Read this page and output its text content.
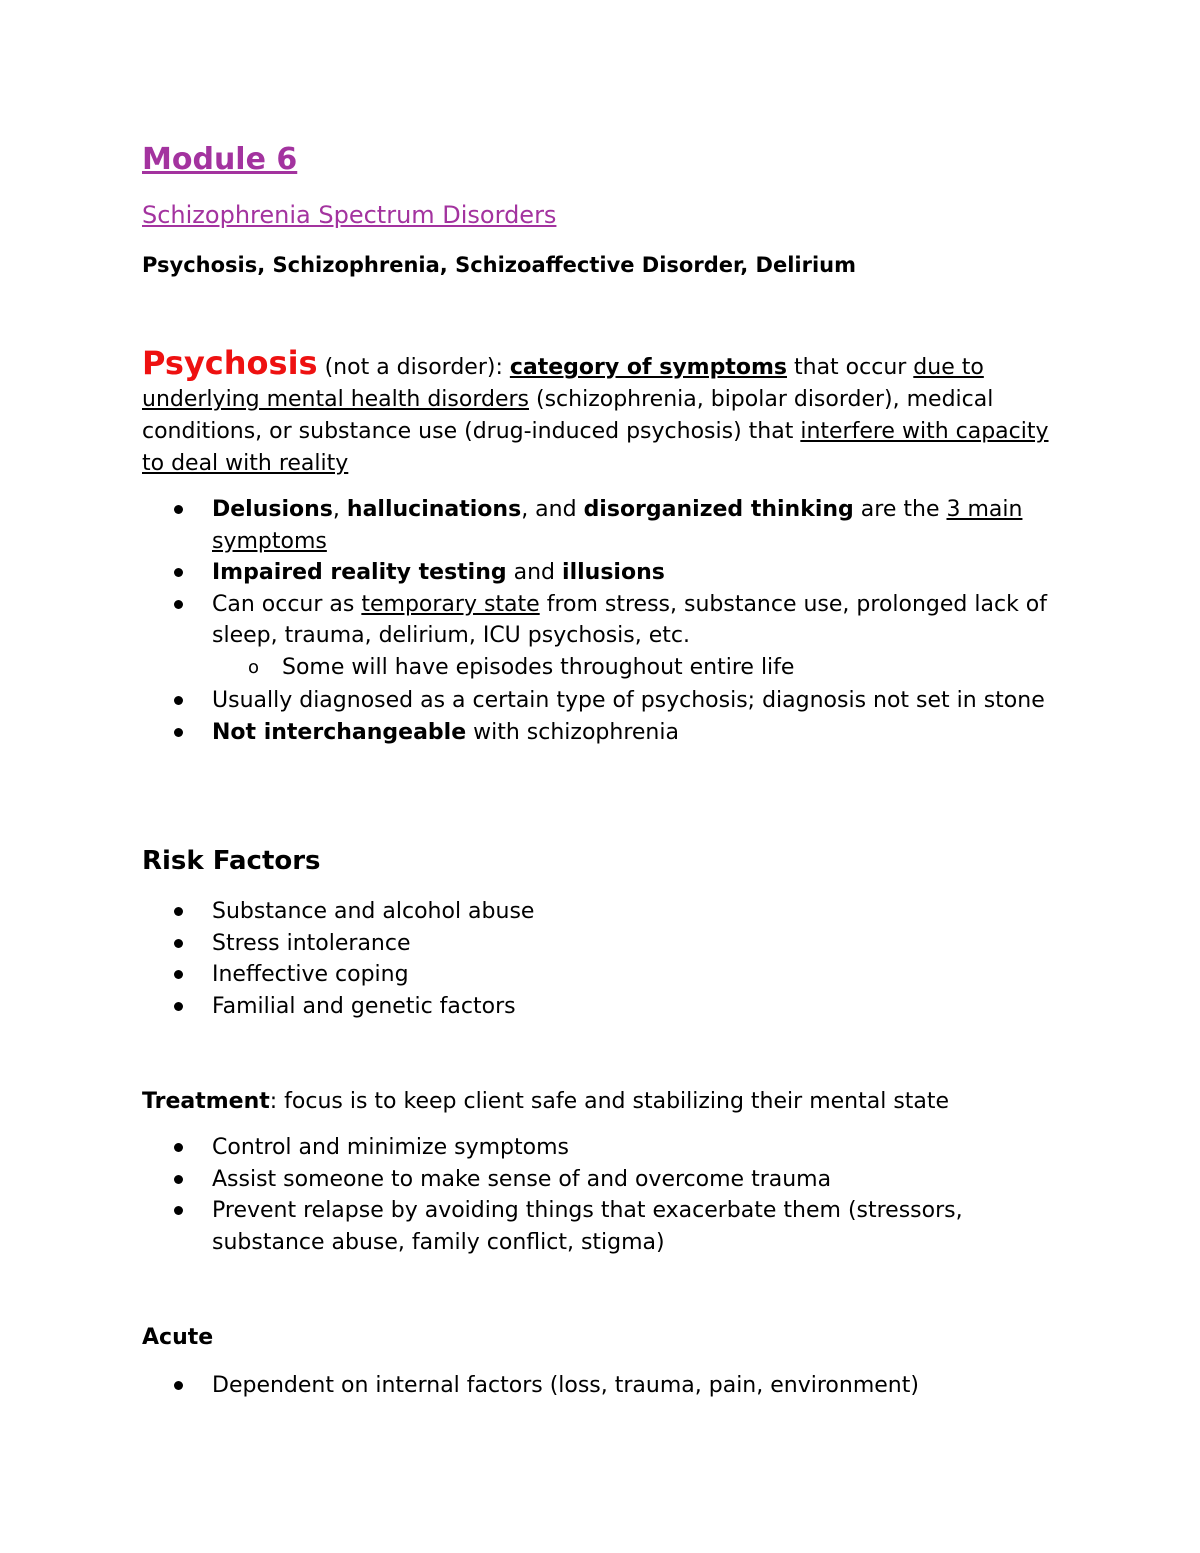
Module 6
Schizophrenia Spectrum Disorders
Psychosis, Schizophrenia, Schizoaffective Disorder, Delirium

Psychosis (not a disorder): category of symptoms that occur due to underlying mental health disorders (schizophrenia, bipolar disorder), medical conditions, or substance use (drug-induced psychosis) that interfere with capacity to deal with reality

Delusions, hallucinations, and disorganized thinking are the 3 main symptoms
Impaired reality testing and illusions
Can occur as temporary state from stress, substance use, prolonged lack of sleep, trauma, delirium, ICU psychosis, etc.
o Some will have episodes throughout entire life
Usually diagnosed as a certain type of psychosis; diagnosis not set in stone
Not interchangeable with schizophrenia
Risk Factors
Substance and alcohol abuse
Stress intolerance
Ineffective coping
Familial and genetic factors

Treatment: focus is to keep client safe and stabilizing their mental state

Control and minimize symptoms
Assist someone to make sense of and overcome trauma
Prevent relapse by avoiding things that exacerbate them (stressors, substance abuse, family conflict, stigma)
Acute
Dependent on internal factors (loss, trauma, pain, environment)
